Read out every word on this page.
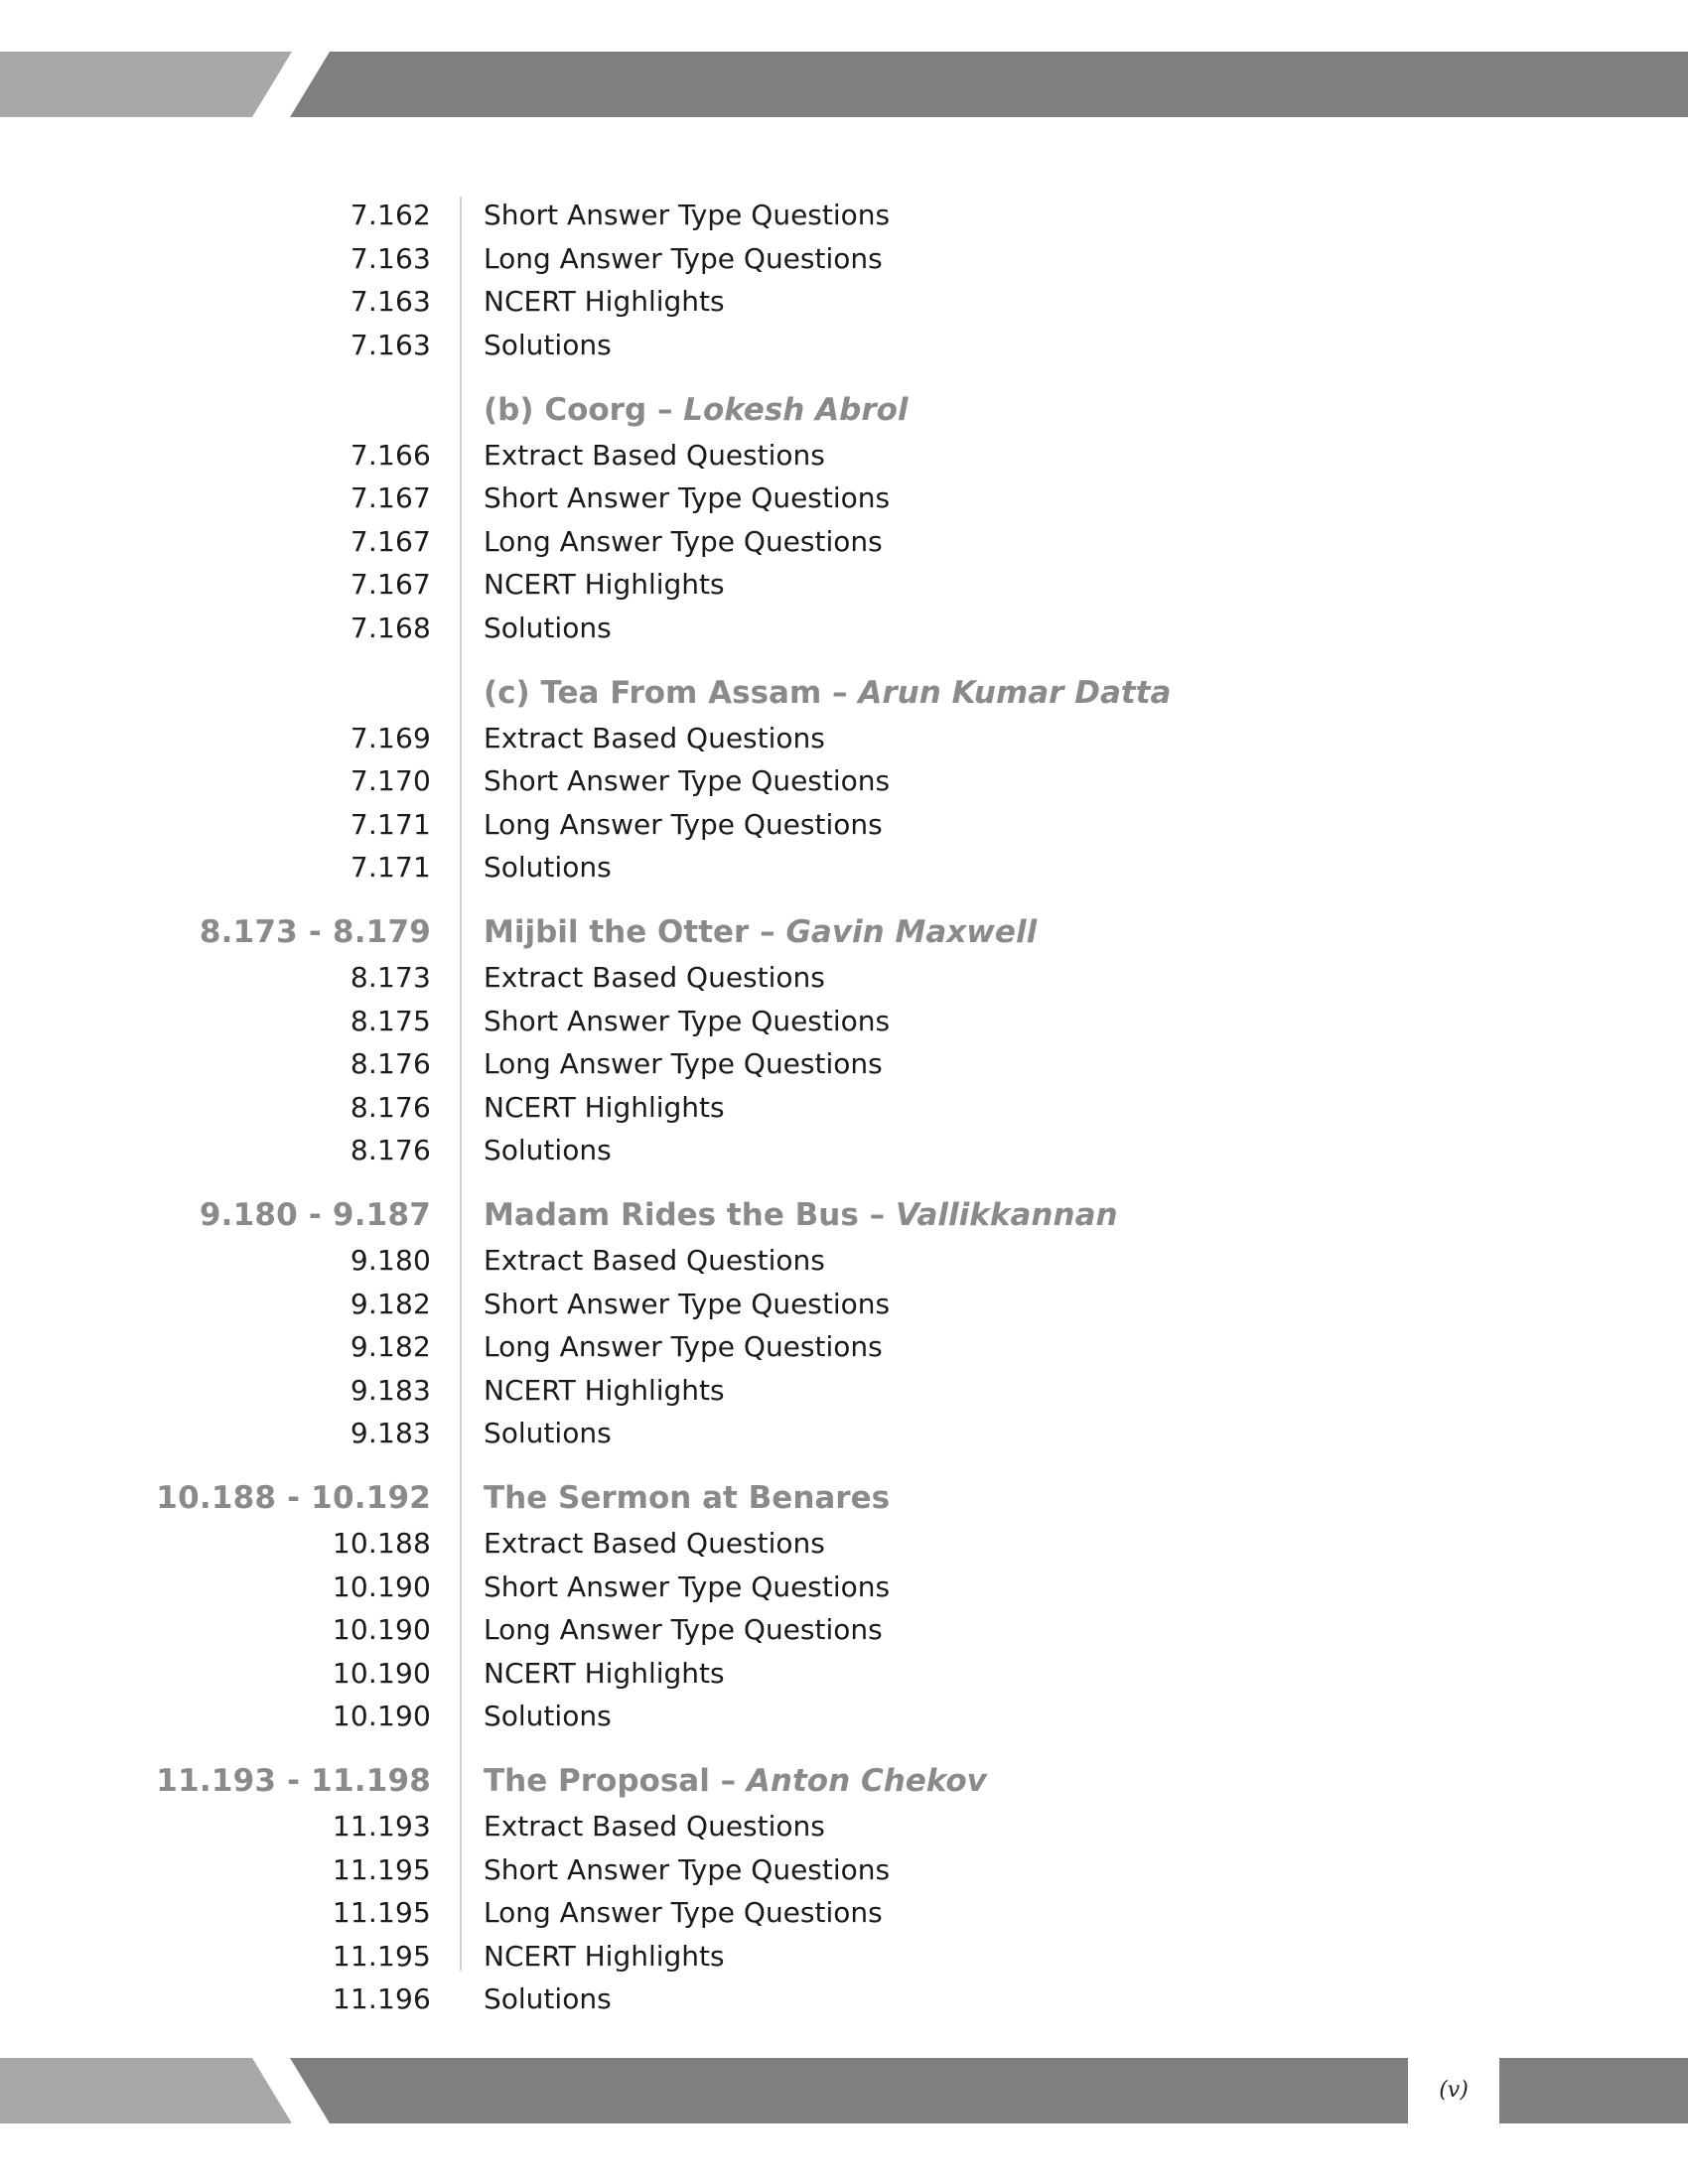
7.162 Short Answer Type Questions
7.163 Long Answer Type Questions
7.163 NCERT Highlights
7.163 Solutions
(b) Coorg – Lokesh Abrol
7.166 Extract Based Questions
7.167 Short Answer Type Questions
7.167 Long Answer Type Questions
7.167 NCERT Highlights
7.168 Solutions
(c) Tea From Assam – Arun Kumar Datta
7.169 Extract Based Questions
7.170 Short Answer Type Questions
7.171 Long Answer Type Questions
7.171 Solutions
8.173 - 8.179 Mijbil the Otter – Gavin Maxwell
8.173 Extract Based Questions
8.175 Short Answer Type Questions
8.176 Long Answer Type Questions
8.176 NCERT Highlights
8.176 Solutions
9.180 - 9.187 Madam Rides the Bus – Vallikkannan
9.180 Extract Based Questions
9.182 Short Answer Type Questions
9.182 Long Answer Type Questions
9.183 NCERT Highlights
9.183 Solutions
10.188 - 10.192 The Sermon at Benares
10.188 Extract Based Questions
10.190 Short Answer Type Questions
10.190 Long Answer Type Questions
10.190 NCERT Highlights
10.190 Solutions
11.193 - 11.198 The Proposal – Anton Chekov
11.193 Extract Based Questions
11.195 Short Answer Type Questions
11.195 Long Answer Type Questions
11.195 NCERT Highlights
11.196 Solutions
(v)
